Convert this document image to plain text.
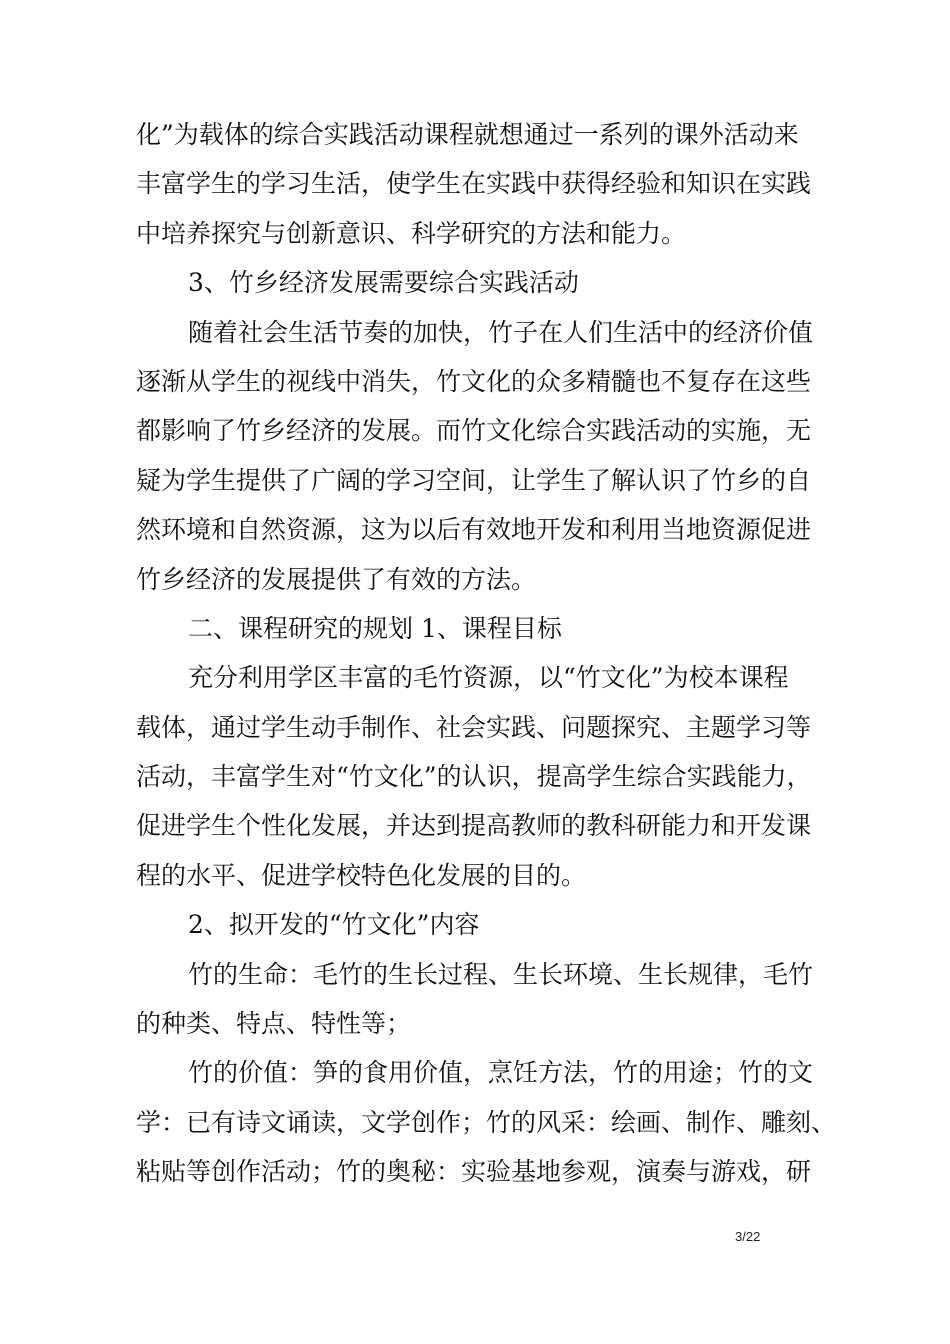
化”为载体的综合实践活动课程就想通过一系列的课外活动来
丰富学生的学习生活，使学生在实践中获得经验和知识在实践
中培养探究与创新意识、科学研究的方法和能力。
3、竹乡经济发展需要综合实践活动
随着社会生活节奏的加快，竹子在人们生活中的经济价值
逐渐从学生的视线中消失，竹文化的众多精髓也不复存在这些
都影响了竹乡经济的发展。而竹文化综合实践活动的实施，无
疑为学生提供了广阔的学习空间，让学生了解认识了竹乡的自
然环境和自然资源，这为以后有效地开发和利用当地资源促进
竹乡经济的发展提供了有效的方法。
二、课程研究的规划 1、课程目标
充分利用学区丰富的毛竹资源，以“竹文化”为校本课程
载体，通过学生动手制作、社会实践、问题探究、主题学习等
活动，丰富学生对“竹文化”的认识，提高学生综合实践能力，
促进学生个性化发展，并达到提高教师的教科研能力和开发课
程的水平、促进学校特色化发展的目的。
2、拟开发的“竹文化”内容
竹的生命：毛竹的生长过程、生长环境、生长规律，毛竹
的种类、特点、特性等；
竹的价值：笋的食用价值，烹饪方法，竹的用途；竹的文
学：已有诗文诵读，文学创作；竹的风采：绘画、制作、雕刻、
粘贴等创作活动；竹的奥秘：实验基地参观，演奏与游戏，研
3/22
